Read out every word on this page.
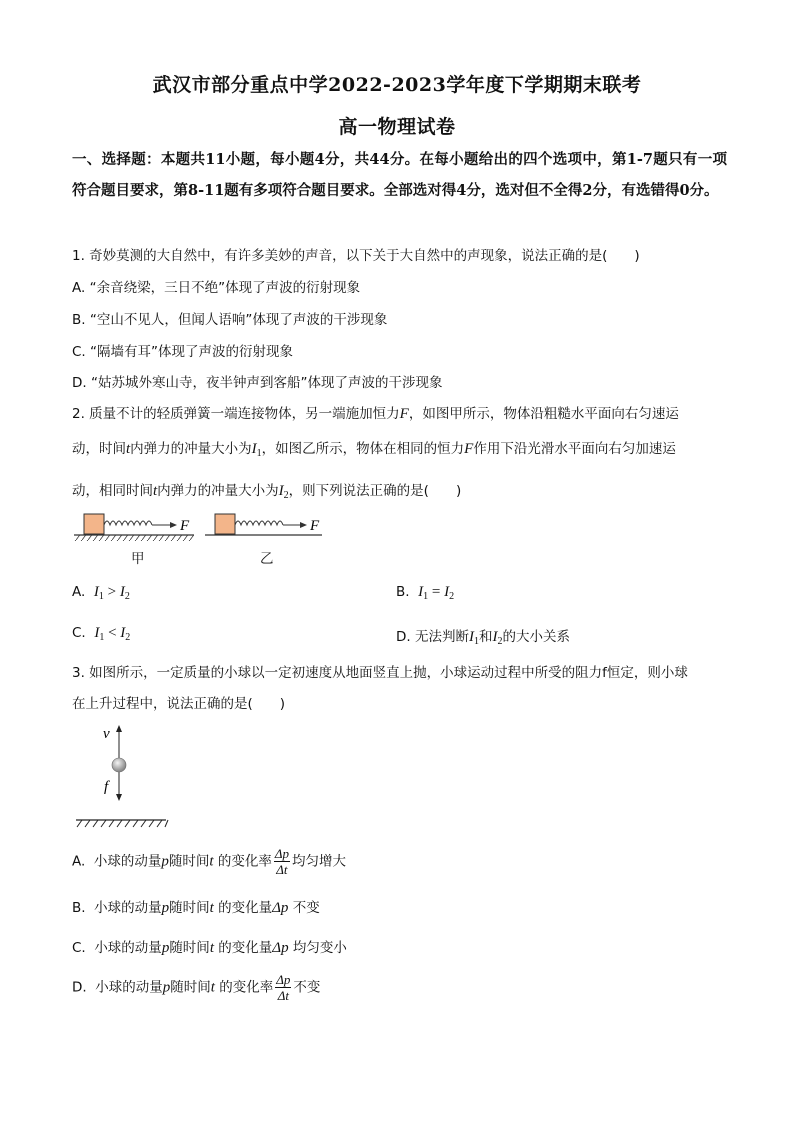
武汉市部分重点中学2022-2023学年度下学期期末联考
高一物理试卷
一、选择题：本题共11小题，每小题4分，共44分。在每小题给出的四个选项中，第1-7题只有一项符合题目要求，第8-11题有多项符合题目要求。全部选对得4分，选对但不全得2分，有选错得0分。
1. 奇妙莫测的大自然中，有许多美妙的声音，以下关于大自然中的声现象，说法正确的是(　　)
A. “余音绕梁，三日不绝”体现了声波的衍射现象
B. “空山不见人，但闻人语响”体现了声波的干涉现象
C. “隔墙有耳”体现了声波的衍射现象
D. “姑苏城外寒山寺，夜半钟声到客船”体现了声波的干涉现象
2. 质量不计的轻质弹簧一端连接物体，另一端施加恒力F，如图甲所示，物体沿粗糙水平面向右匀速运
动，时间t内弹力的冲量大小为$I_1$，如图乙所示，物体在相同的恒力F作用下沿光滑水平面向右匀加速运
动，相同时间t内弹力的冲量大小为$I_2$，则下列说法正确的是(　　)
F	F
甲	乙
A. $I_1 > I_2$	B. $I_1 = I_2$
C. $I_1 < I_2$	D. 无法判断$I_1$和$I_2$的大小关系
3. 如图所示，一定质量的小球以一定初速度从地面竖直上抛，小球运动过程中所受的阻力f恒定，则小球
在上升过程中，说法正确的是(　　)
v
f
A. 小球的动量p随时间t 的变化率 $\frac{\Delta p}{\Delta t}$ 均匀增大
B. 小球的动量p随时间t 的变化量Δp 不变
C. 小球的动量p随时间t 的变化量Δp 均匀变小
D. 小球的动量p随时间t 的变化率 $\frac{\Delta p}{\Delta t}$ 不变
